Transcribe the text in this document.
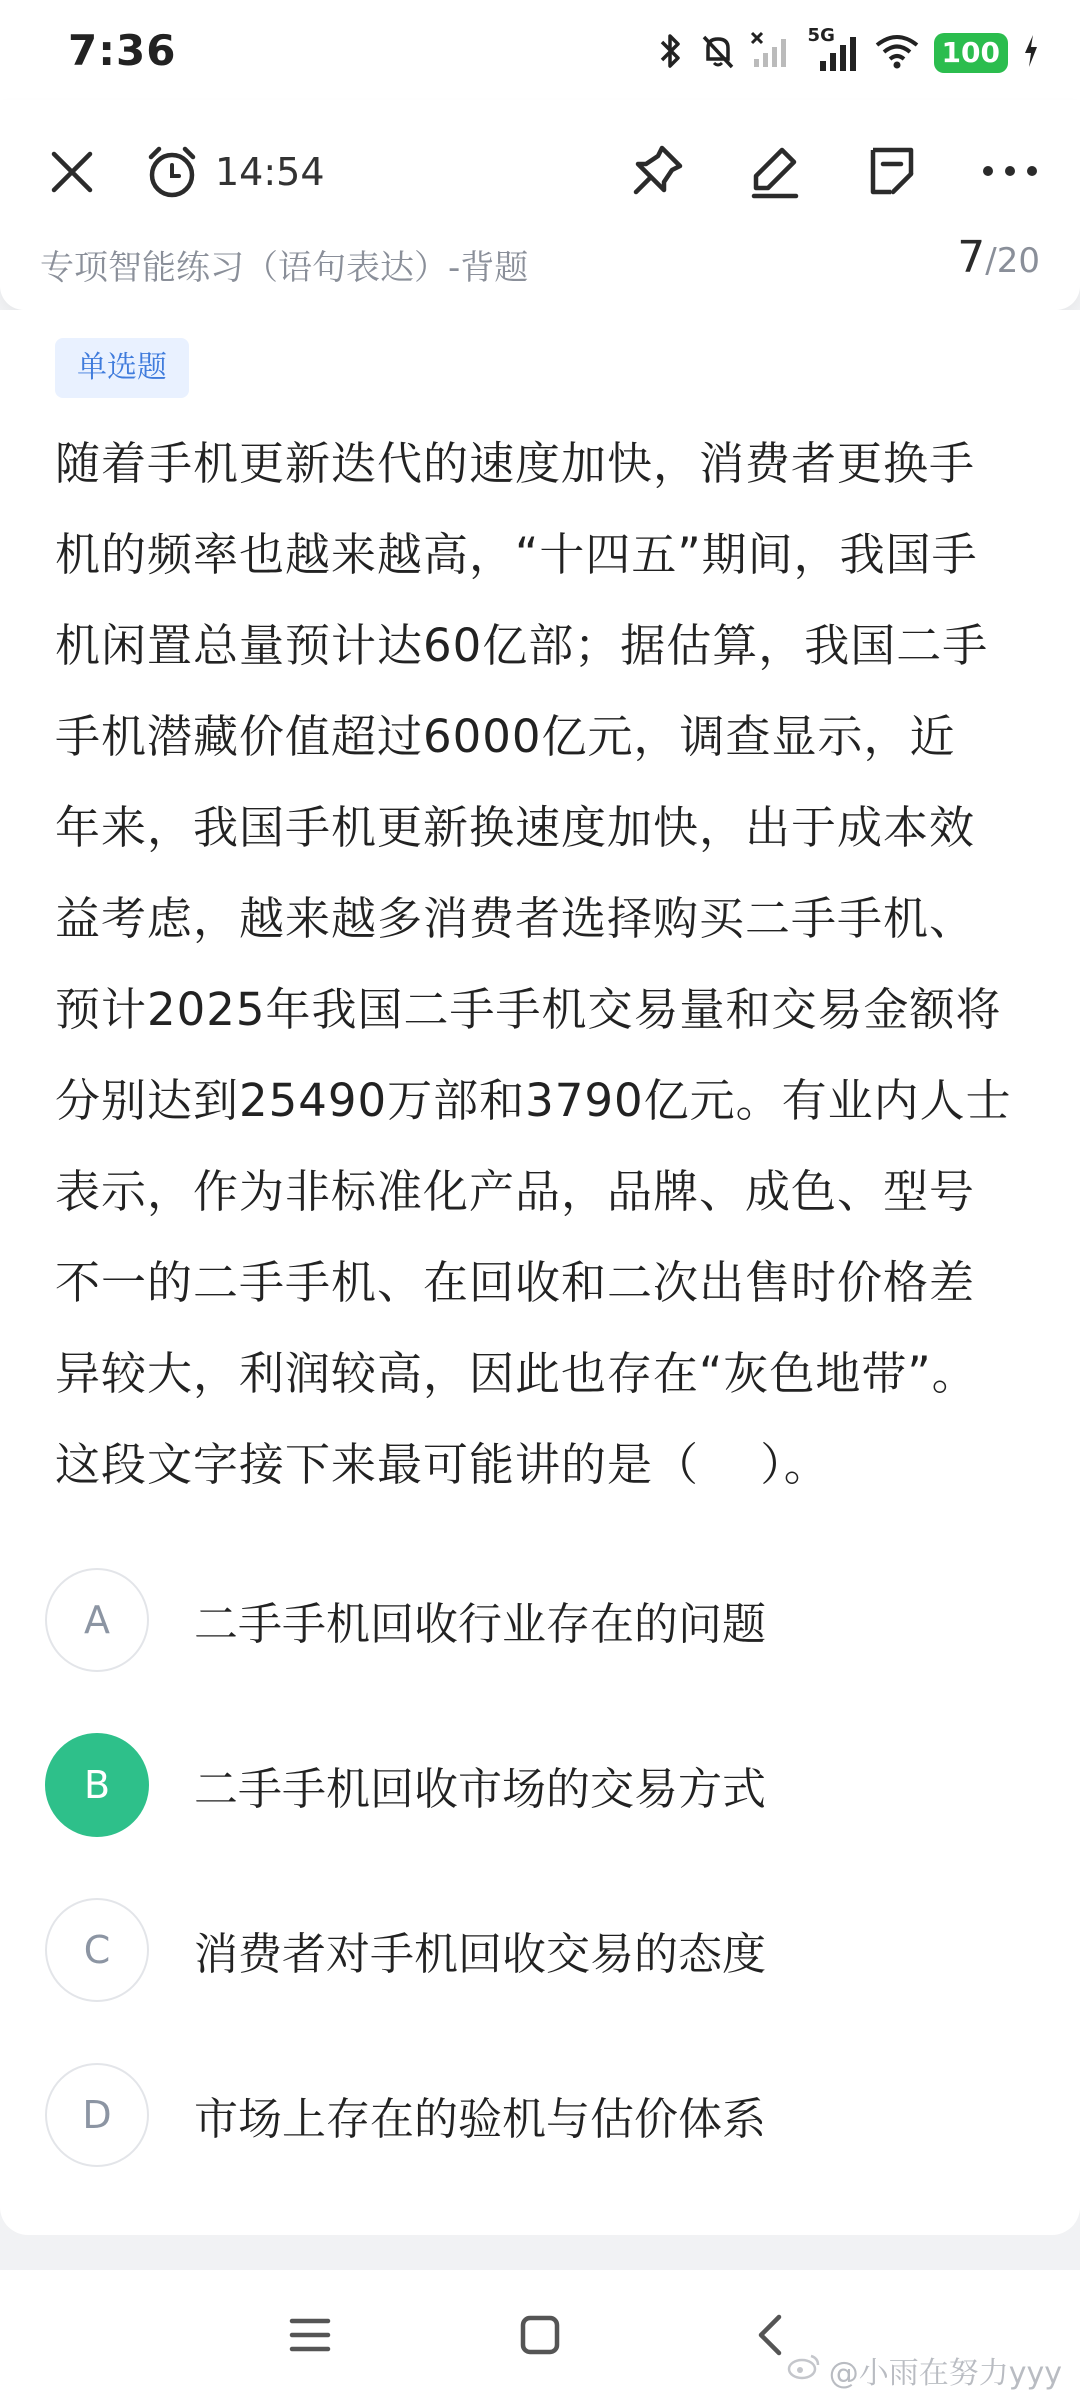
7:36	5G
100
14:54
专项智能练习（语句表达）-背题	7/20
单选题
随着手机更新迭代的速度加快，消费者更换手
机的频率也越来越高，“十四五”期间，我国手
机闲置总量预计达60亿部；据估算，我国二手
手机潜藏价值超过6000亿元，调查显示，近
年来，我国手机更新换速度加快，出于成本效
益考虑，越来越多消费者选择购买二手手机、
预计2025年我国二手手机交易量和交易金额将
分别达到25490万部和3790亿元。有业内人士
表示，作为非标准化产品，品牌、成色、型号
不一的二手手机、在回收和二次出售时价格差
异较大，利润较高，因此也存在“灰色地带”。
这段文字接下来最可能讲的是（　 ）。
A	二手手机回收行业存在的问题
B	二手手机回收市场的交易方式
C	消费者对手机回收交易的态度
D	市场上存在的验机与估价体系
@小雨在努力yyy
